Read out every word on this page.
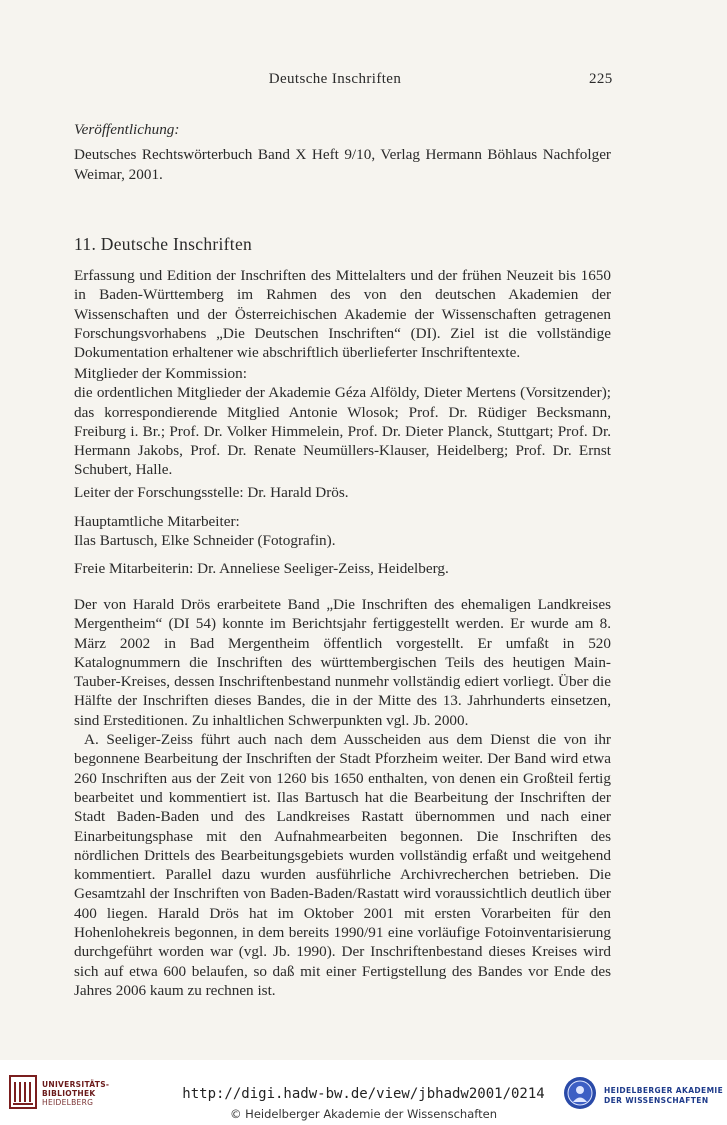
Deutsche Inschriften	225

Veröffentlichung:

Deutsches Rechtswörterbuch Band X Heft 9/10, Verlag Hermann Böhlaus Nachfolger Weimar, 2001.

11. Deutsche Inschriften

Erfassung und Edition der Inschriften des Mittelalters und der frühen Neuzeit bis 1650 in Baden-Württemberg im Rahmen des von den deutschen Akademien der Wissenschaften und der Österreichischen Akademie der Wissenschaften getragenen Forschungsvorhabens „Die Deutschen Inschriften“ (DI). Ziel ist die vollständige Dokumentation erhaltener wie abschriftlich überlieferter Inschriftentexte.

Mitglieder der Kommission:

die ordentlichen Mitglieder der Akademie Géza Alföldy, Dieter Mertens (Vorsitzender); das korrespondierende Mitglied Antonie Wlosok; Prof. Dr. Rüdiger Becksmann, Freiburg i. Br.; Prof. Dr. Volker Himmelein, Prof. Dr. Dieter Planck, Stuttgart; Prof. Dr. Hermann Jakobs, Prof. Dr. Renate Neumüllers-Klauser, Heidelberg; Prof. Dr. Ernst Schubert, Halle.

Leiter der Forschungsstelle: Dr. Harald Drös.

Hauptamtliche Mitarbeiter:

Ilas Bartusch, Elke Schneider (Fotografin).

Freie Mitarbeiterin: Dr. Anneliese Seeliger-Zeiss, Heidelberg.

Der von Harald Drös erarbeitete Band „Die Inschriften des ehemaligen Landkreises Mergentheim“ (DI 54) konnte im Berichtsjahr fertiggestellt werden. Er wurde am 8. März 2002 in Bad Mergentheim öffentlich vorgestellt. Er umfaßt in 520 Katalognummern die Inschriften des württembergischen Teils des heutigen Main-Tauber-Kreises, dessen Inschriftenbestand nunmehr vollständig ediert vorliegt. Über die Hälfte der Inschriften dieses Bandes, die in der Mitte des 13. Jahrhunderts einsetzen, sind Ersteditionen. Zu inhaltlichen Schwerpunkten vgl. Jb. 2000.

A. Seeliger-Zeiss führt auch nach dem Ausscheiden aus dem Dienst die von ihr begonnene Bearbeitung der Inschriften der Stadt Pforzheim weiter. Der Band wird etwa 260 Inschriften aus der Zeit von 1260 bis 1650 enthalten, von denen ein Großteil fertig bearbeitet und kommentiert ist. Ilas Bartusch hat die Bearbeitung der Inschriften der Stadt Baden-Baden und des Landkreises Rastatt übernommen und nach einer Einarbeitungsphase mit den Aufnahmearbeiten begonnen. Die Inschriften des nördlichen Drittels des Bearbeitungsgebiets wurden vollständig erfaßt und weitgehend kommentiert. Parallel dazu wurden ausführliche Archivrecherchen betrieben. Die Gesamtzahl der Inschriften von Baden-Baden/Rastatt wird voraussichtlich deutlich über 400 liegen. Harald Drös hat im Oktober 2001 mit ersten Vorarbeiten für den Hohenlohekreis begonnen, in dem bereits 1990/91 eine vorläufige Fotoinventarisierung durchgeführt worden war (vgl. Jb. 1990). Der Inschriftenbestand dieses Kreises wird sich auf etwa 600 belaufen, so daß mit einer Fertigstellung des Bandes vor Ende des Jahres 2006 kaum zu rechnen ist.

UNIVERSITÄTS-
BIBLIOTHEK
HEIDELBERG
http://digi.hadw-bw.de/view/jbhadw2001/0214
© Heidelberger Akademie der Wissenschaften
HEIDELBERGER AKADEMIE
DER WISSENSCHAFTEN
